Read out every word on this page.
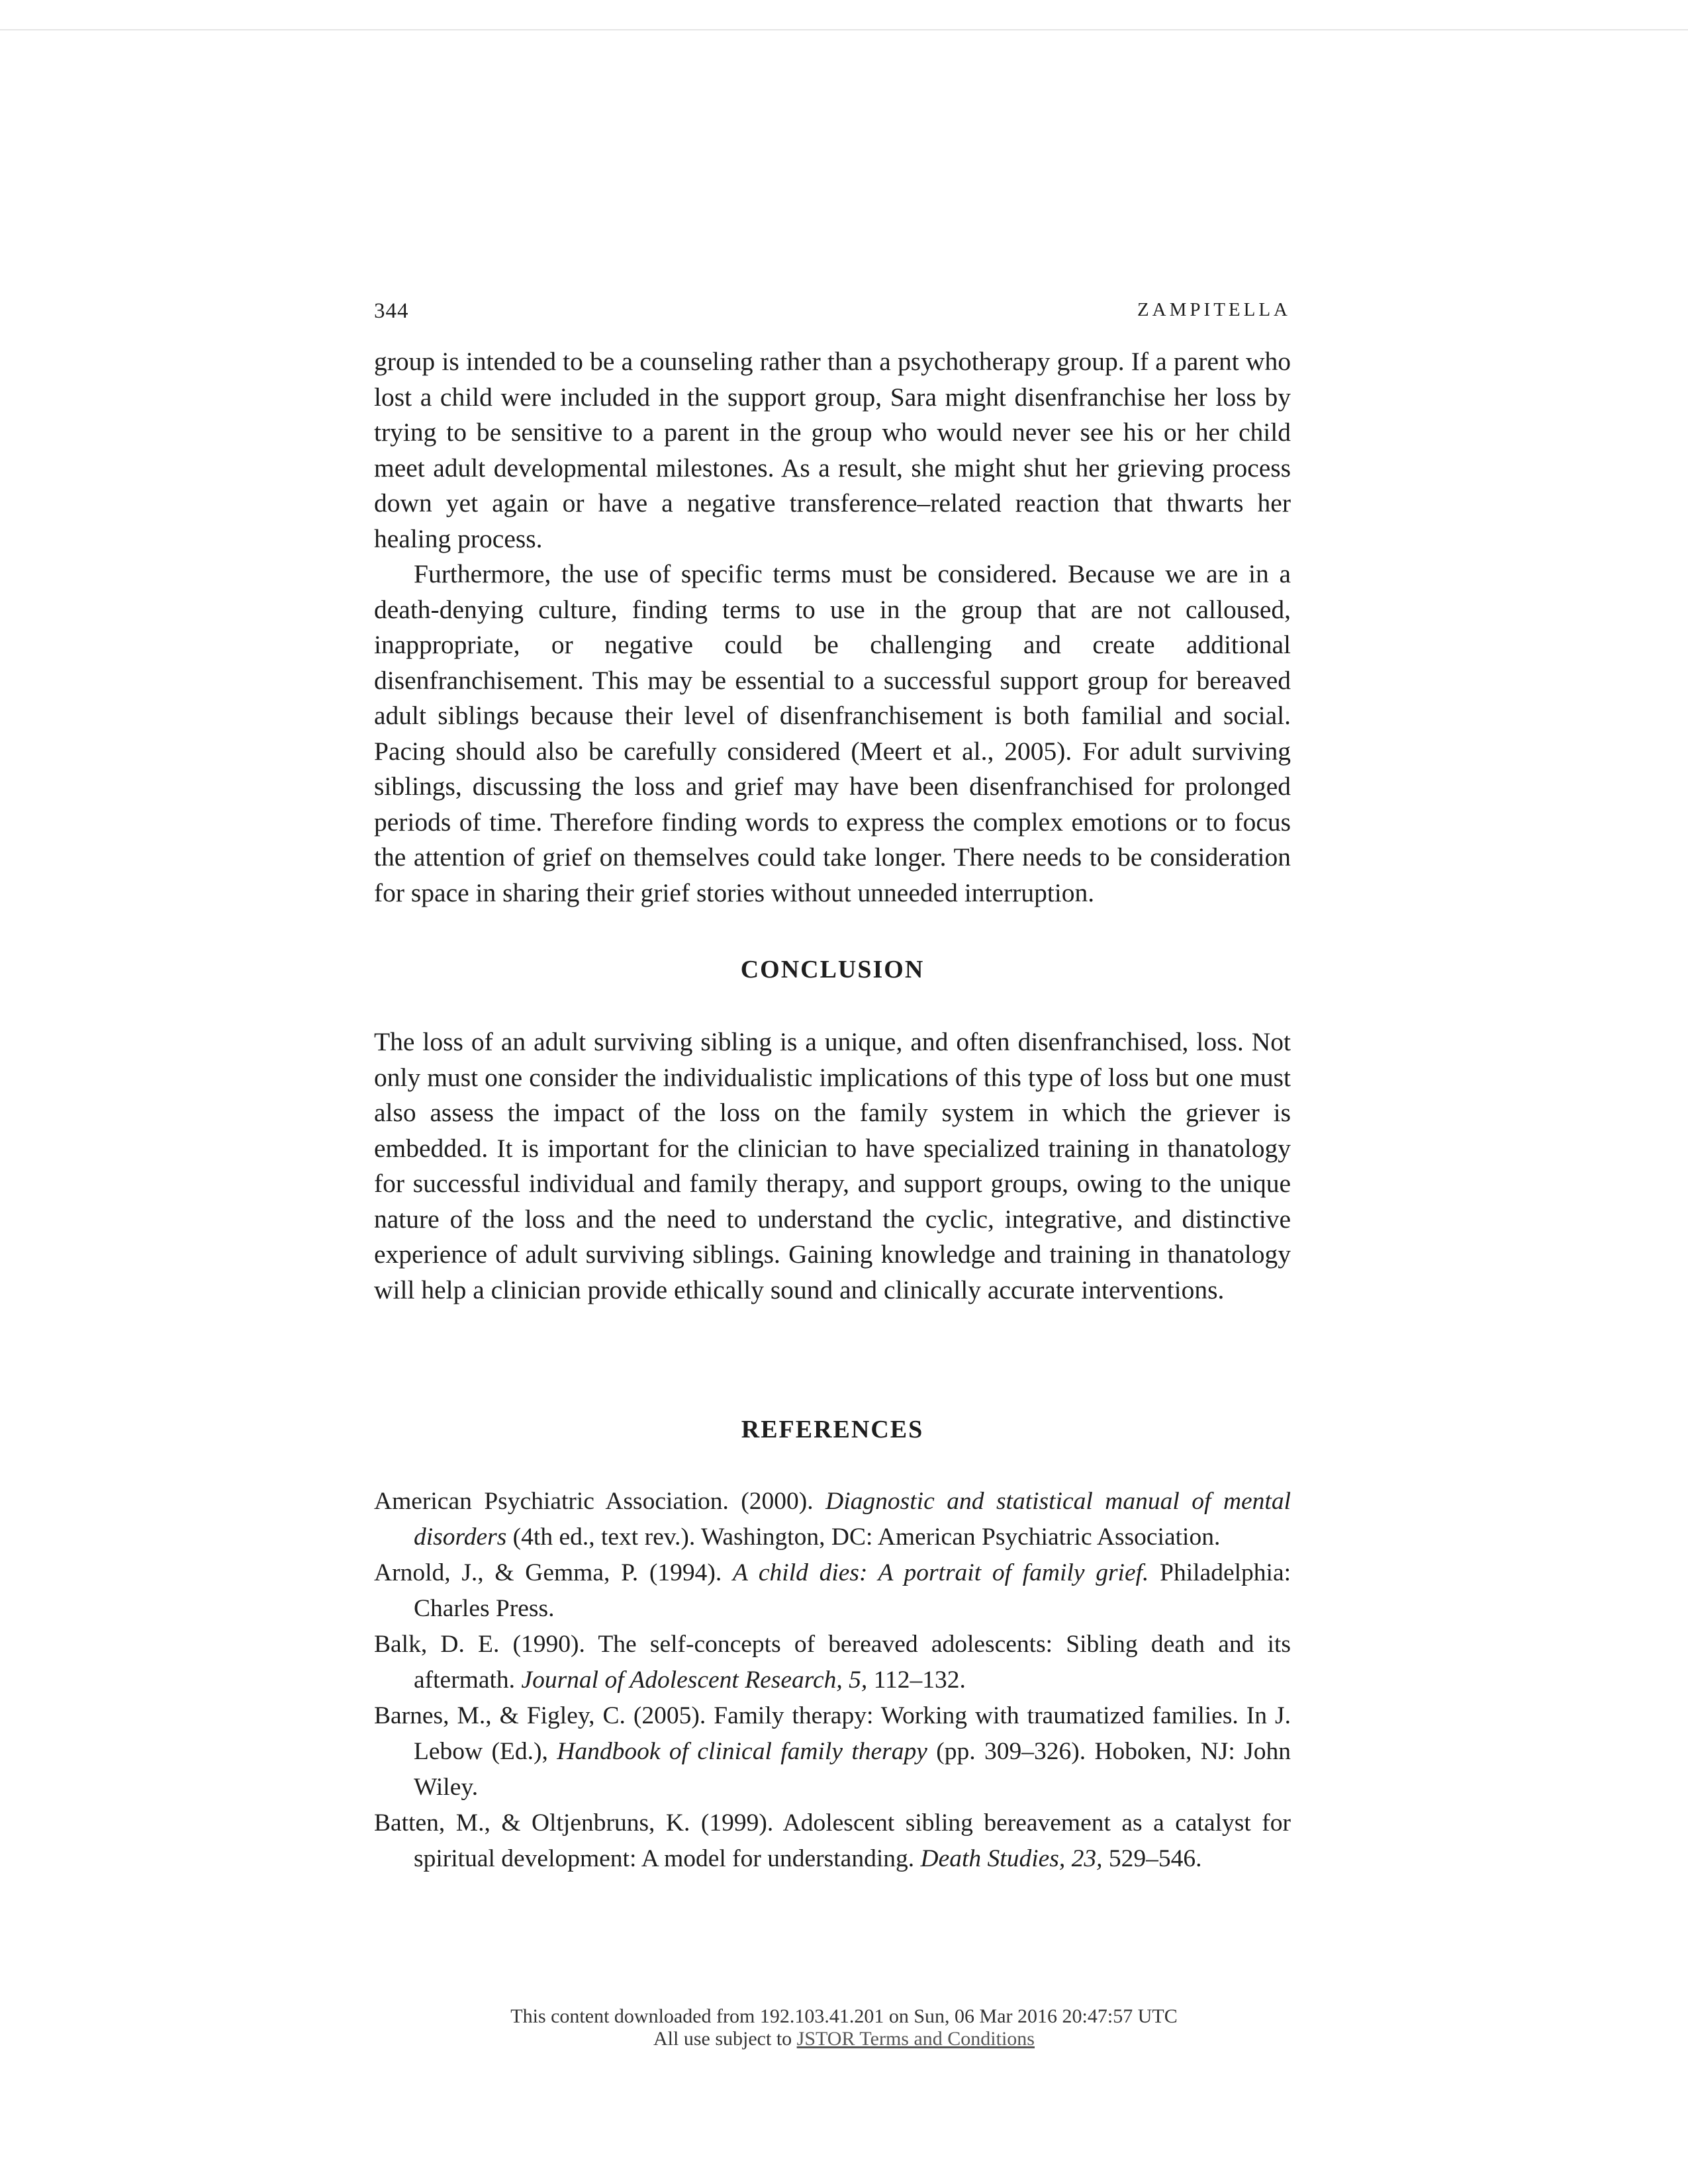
344	ZAMPITELLA

group is intended to be a counseling rather than a psychotherapy group. If a parent who lost a child were included in the support group, Sara might disenfranchise her loss by trying to be sensitive to a parent in the group who would never see his or her child meet adult developmental milestones. As a result, she might shut her grieving process down yet again or have a negative transference–related reaction that thwarts her healing process.

Furthermore, the use of specific terms must be considered. Because we are in a death-denying culture, finding terms to use in the group that are not calloused, inappropriate, or negative could be challenging and create additional disenfranchisement. This may be essential to a successful support group for bereaved adult siblings because their level of disenfranchisement is both familial and social. Pacing should also be carefully considered (Meert et al., 2005). For adult surviving siblings, discussing the loss and grief may have been disenfranchised for prolonged periods of time. Therefore finding words to express the complex emotions or to focus the attention of grief on themselves could take longer. There needs to be consideration for space in sharing their grief stories without unneeded interruption.

CONCLUSION

The loss of an adult surviving sibling is a unique, and often disenfranchised, loss. Not only must one consider the individualistic implications of this type of loss but one must also assess the impact of the loss on the family system in which the griever is embedded. It is important for the clinician to have specialized training in thanatology for successful individual and family therapy, and support groups, owing to the unique nature of the loss and the need to understand the cyclic, integrative, and distinctive experience of adult surviving siblings. Gaining knowledge and training in thanatology will help a clinician provide ethically sound and clinically accurate interventions.

REFERENCES
American Psychiatric Association. (2000). Diagnostic and statistical manual of mental disorders (4th ed., text rev.). Washington, DC: American Psychiatric Association.
Arnold, J., & Gemma, P. (1994). A child dies: A portrait of family grief. Philadelphia: Charles Press.
Balk, D. E. (1990). The self-concepts of bereaved adolescents: Sibling death and its aftermath. Journal of Adolescent Research, 5, 112–132.
Barnes, M., & Figley, C. (2005). Family therapy: Working with traumatized families. In J. Lebow (Ed.), Handbook of clinical family therapy (pp. 309–326). Hoboken, NJ: John Wiley.
Batten, M., & Oltjenbruns, K. (1999). Adolescent sibling bereavement as a catalyst for spiritual development: A model for understanding. Death Studies, 23, 529–546.
This content downloaded from 192.103.41.201 on Sun, 06 Mar 2016 20:47:57 UTC
All use subject to JSTOR Terms and Conditions
